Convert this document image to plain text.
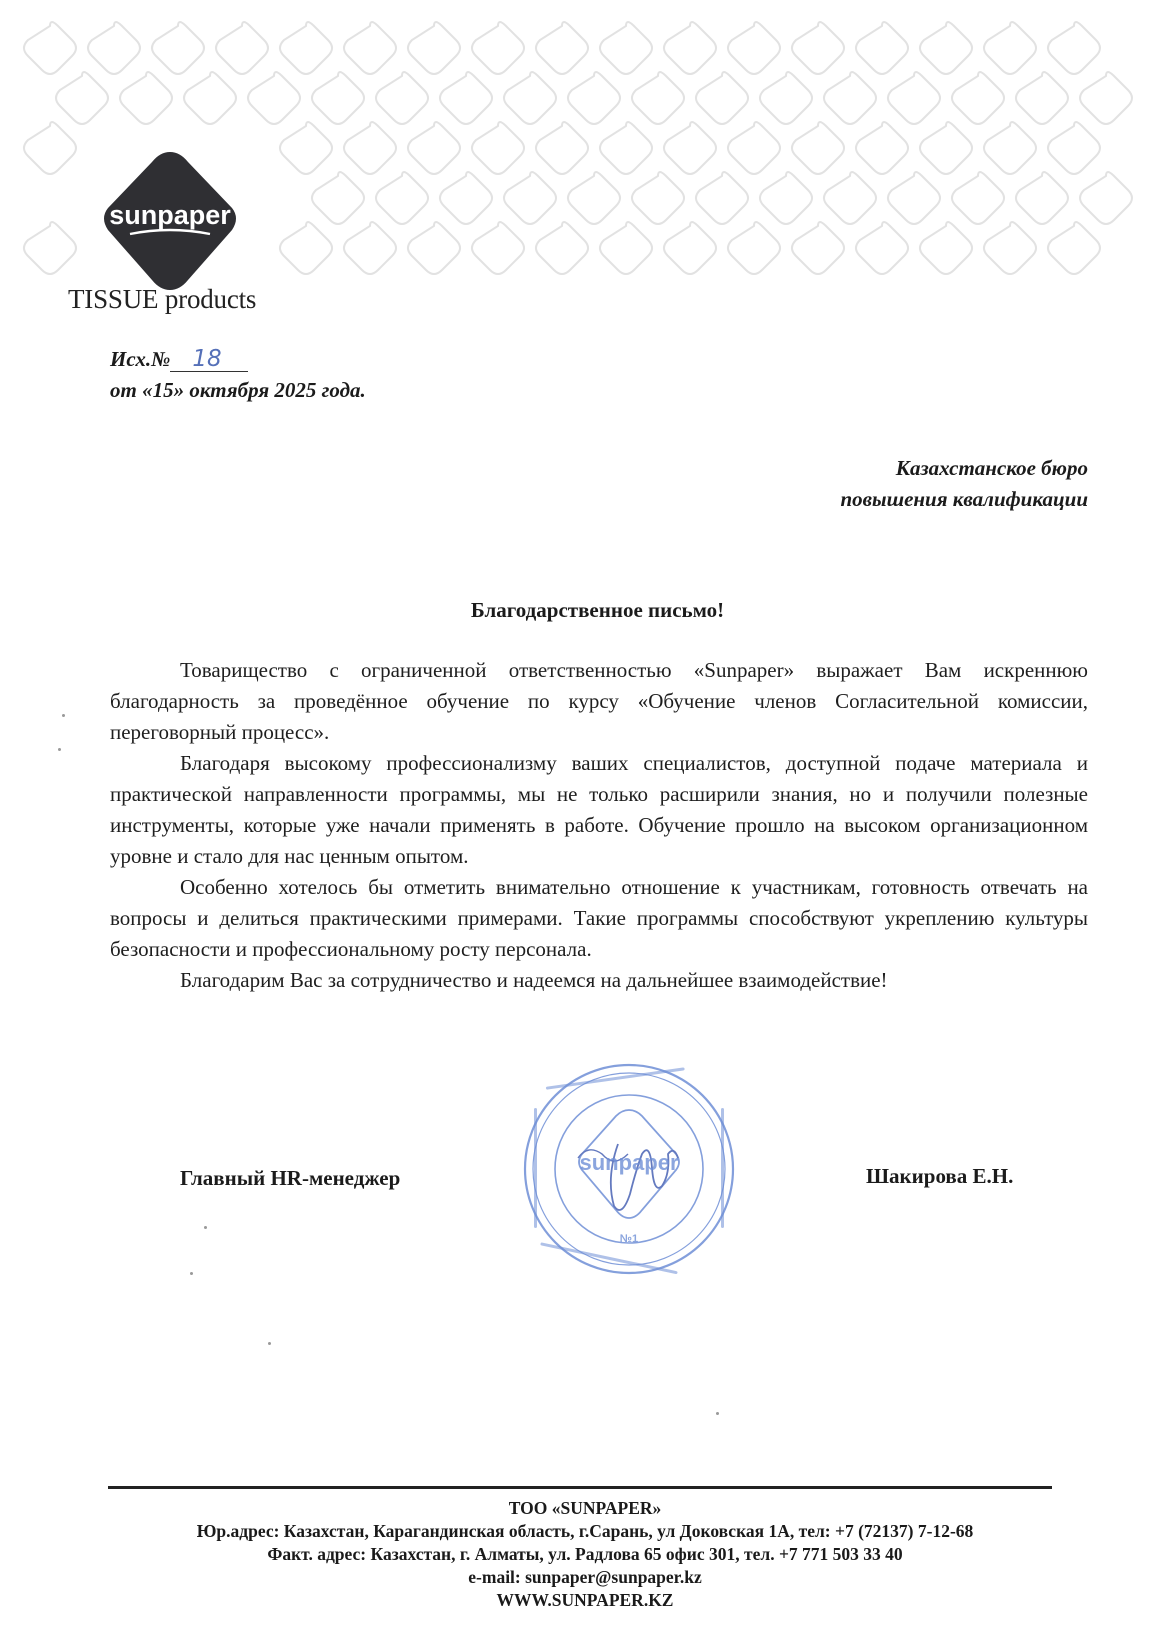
sunpaper
TISSUE products
Исх.№ 18
от «15» октября 2025 года.
Казахстанское бюро
повышения квалификации
Благодарственное письмо!

Товарищество с ограниченной ответственностью «Sunpaper» выражает Вам искреннюю благодарность за проведённое обучение по курсу «Обучение членов Согласительной комиссии, переговорный процесс».

Благодаря высокому профессионализму ваших специалистов, доступной подаче материала и практической направленности программы, мы не только расширили знания, но и получили полезные инструменты, которые уже начали применять в работе. Обучение прошло на высоком организационном уровне и стало для нас ценным опытом.

Особенно хотелось бы отметить внимательно отношение к участникам, готовность отвечать на вопросы и делиться практическими примерами. Такие программы способствуют укреплению культуры безопасности и профессиональному росту персонала.

Благодарим Вас за сотрудничество и надеемся на дальнейшее взаимодействие!

Главный HR-менеджер
sunpaper
№1
Шакирова Е.Н.
ТОО «SUNPAPER»
Юр.адрес: Казахстан, Карагандинская область, г.Сарань, ул Доковская 1А, тел: +7 (72137) 7-12-68
Факт. адрес: Казахстан, г. Алматы, ул. Радлова 65 офис 301, тел. +7 771 503 33 40
e-mail: sunpaper@sunpaper.kz
WWW.SUNPAPER.KZ
